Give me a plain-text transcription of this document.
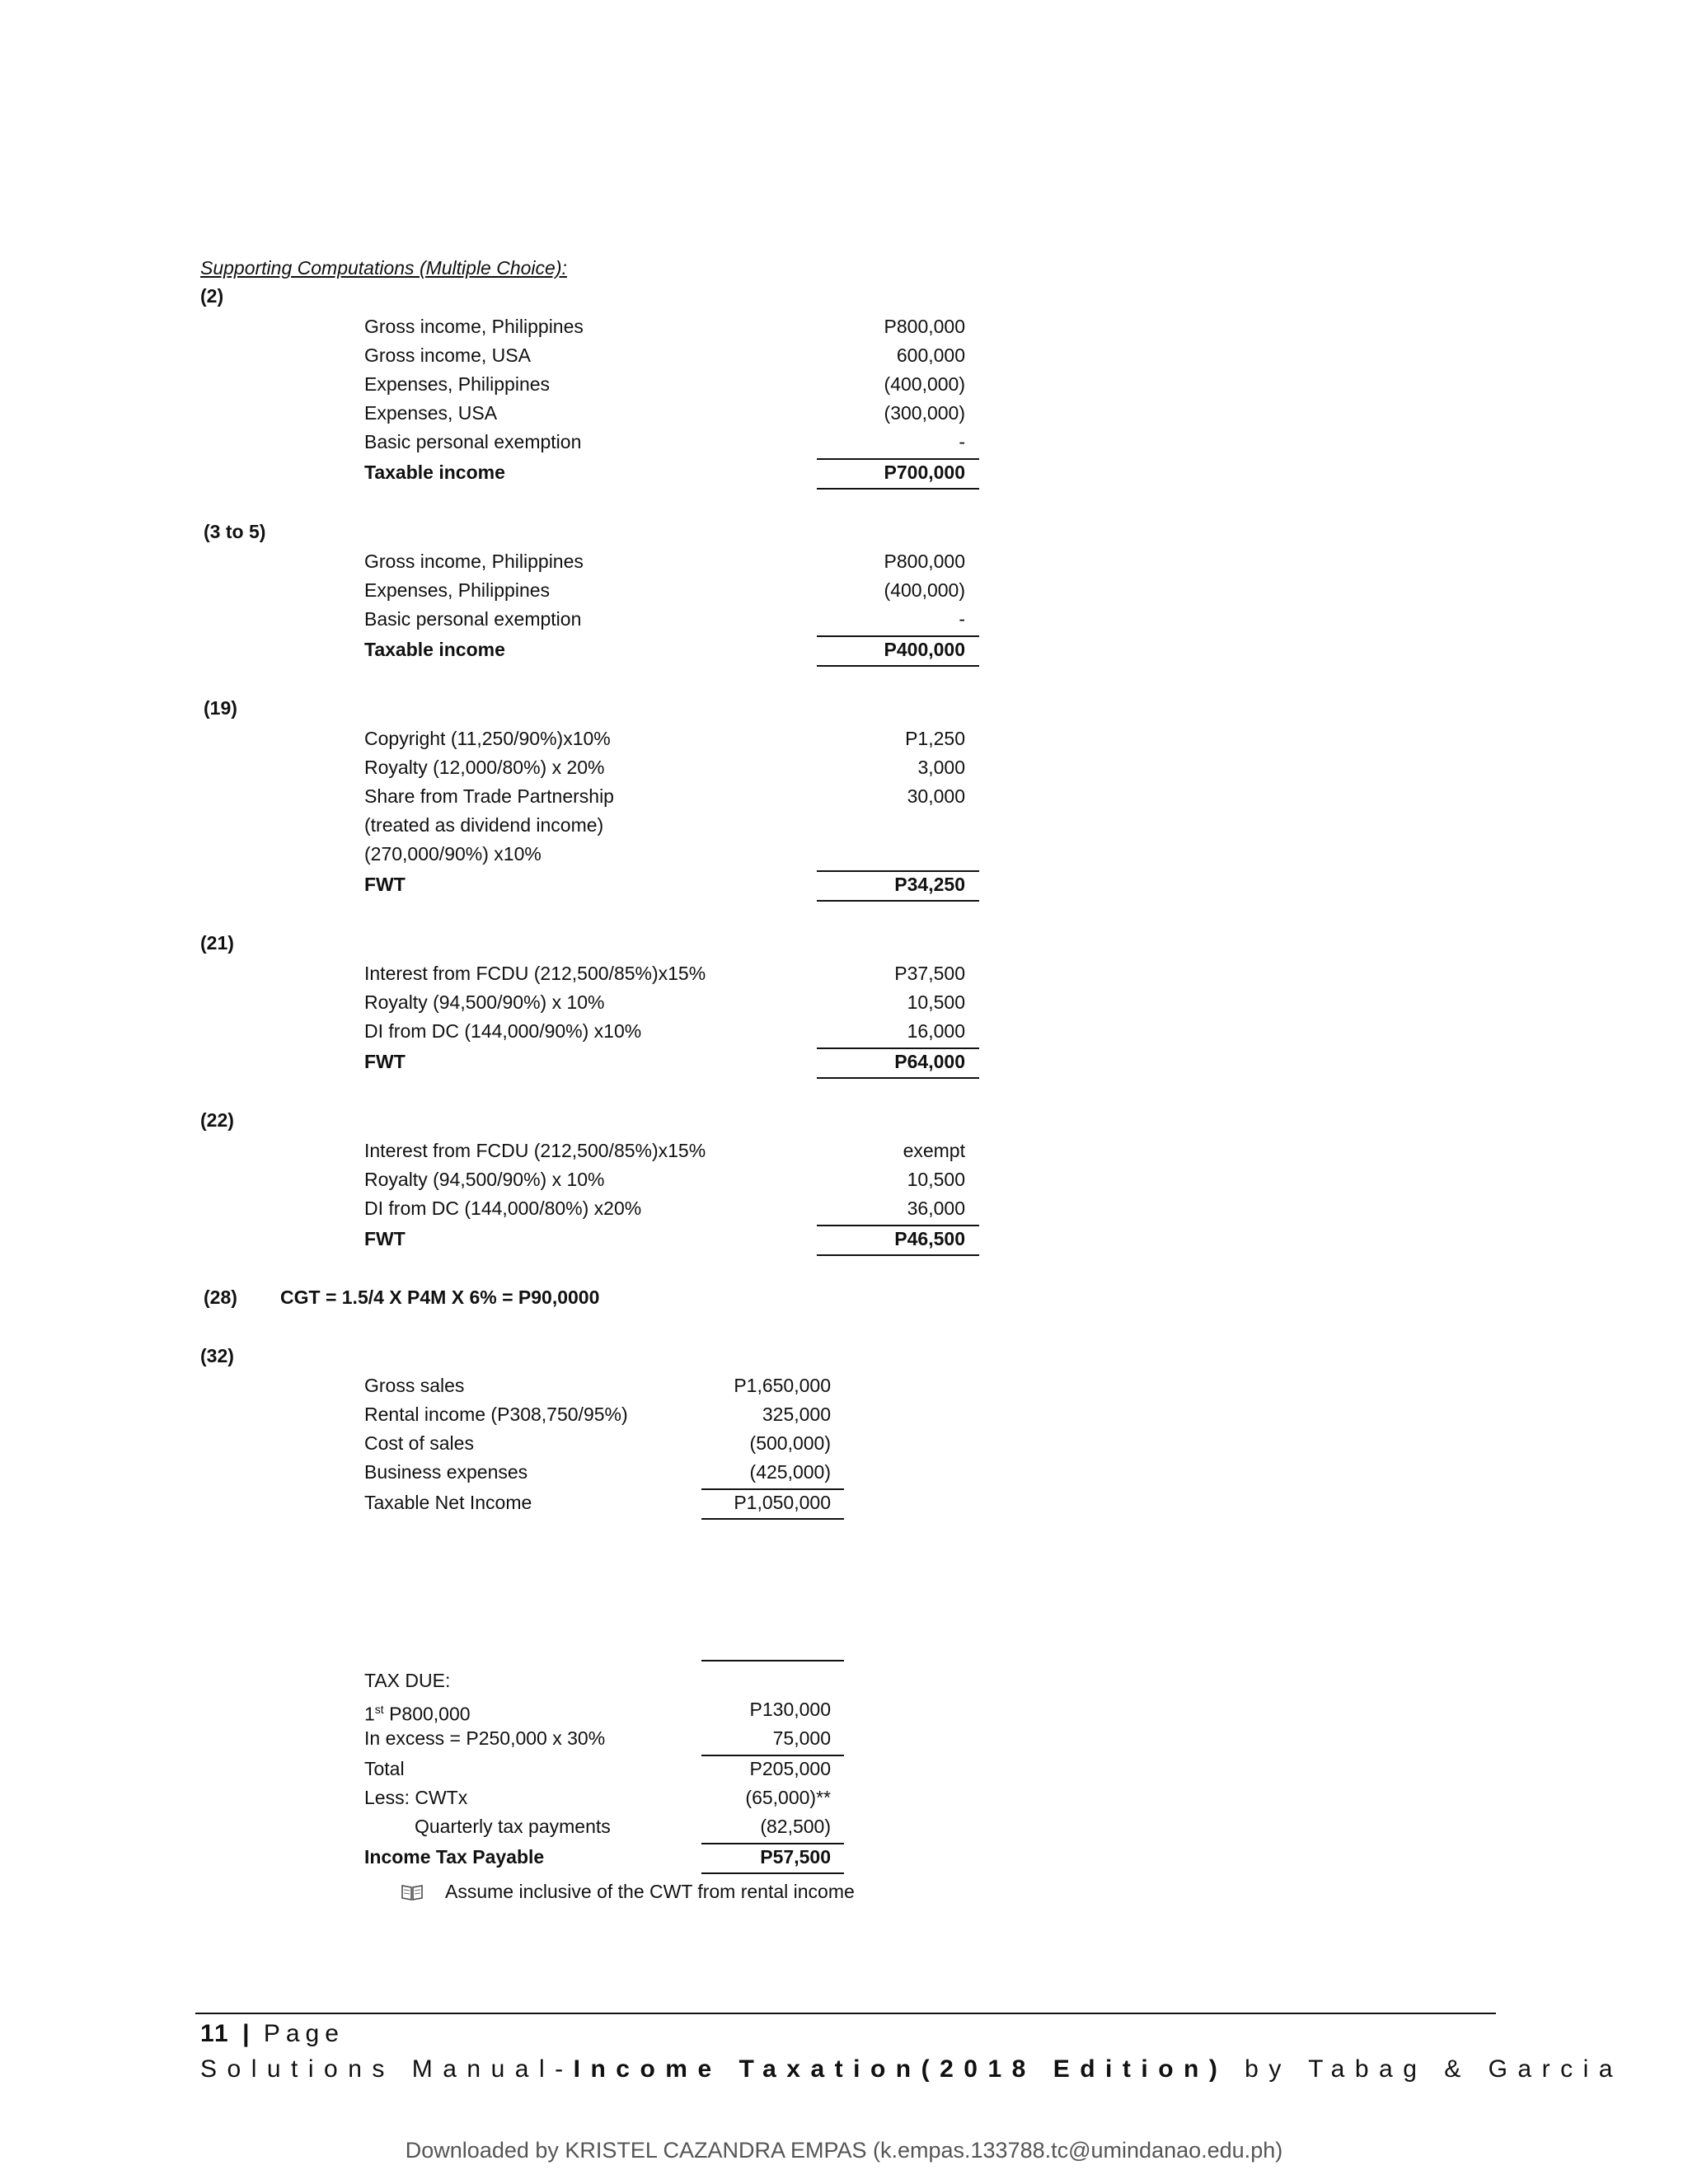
Supporting Computations (Multiple Choice):
(2)
Gross income, Philippines	P800,000
Gross income, USA	600,000
Expenses, Philippines	(400,000)
Expenses, USA	(300,000)
Basic personal exemption	-
Taxable income	P700,000
(3 to 5)
Gross income, Philippines	P800,000
Expenses, Philippines	(400,000)
Basic personal exemption	-
Taxable income	P400,000
(19)
Copyright (11,250/90%)x10%	P1,250
Royalty (12,000/80%) x 20%	3,000
Share from Trade Partnership	30,000
(treated as dividend income)
(270,000/90%) x10%
FWT	P34,250
(21)
Interest from FCDU (212,500/85%)x15%	P37,500
Royalty (94,500/90%) x 10%	10,500
DI from DC (144,000/90%) x10%	16,000
FWT	P64,000
(22)
Interest from FCDU (212,500/85%)x15%	exempt
Royalty (94,500/90%) x 10%	10,500
DI from DC (144,000/80%) x20%	36,000
FWT	P46,500
(28) CGT = 1.5/4 X P4M X 6% = P90,0000
(32)
Gross sales	P1,650,000
Rental income (P308,750/95%)	325,000
Cost of sales	(500,000)
Business expenses	(425,000)
Taxable Net Income	P1,050,000
TAX DUE:
1st P800,000	P130,000
In excess = P250,000 x 30%	75,000
Total	P205,000
Less: CWTx	(65,000)**
Quarterly tax payments	(82,500)
Income Tax Payable	P57,500
Assume inclusive of the CWT from rental income
11 | Page
Solutions Manual-Income Taxation(2018 Edition) by Tabag & Garcia
Downloaded by KRISTEL CAZANDRA EMPAS (k.empas.133788.tc@umindanao.edu.ph)
